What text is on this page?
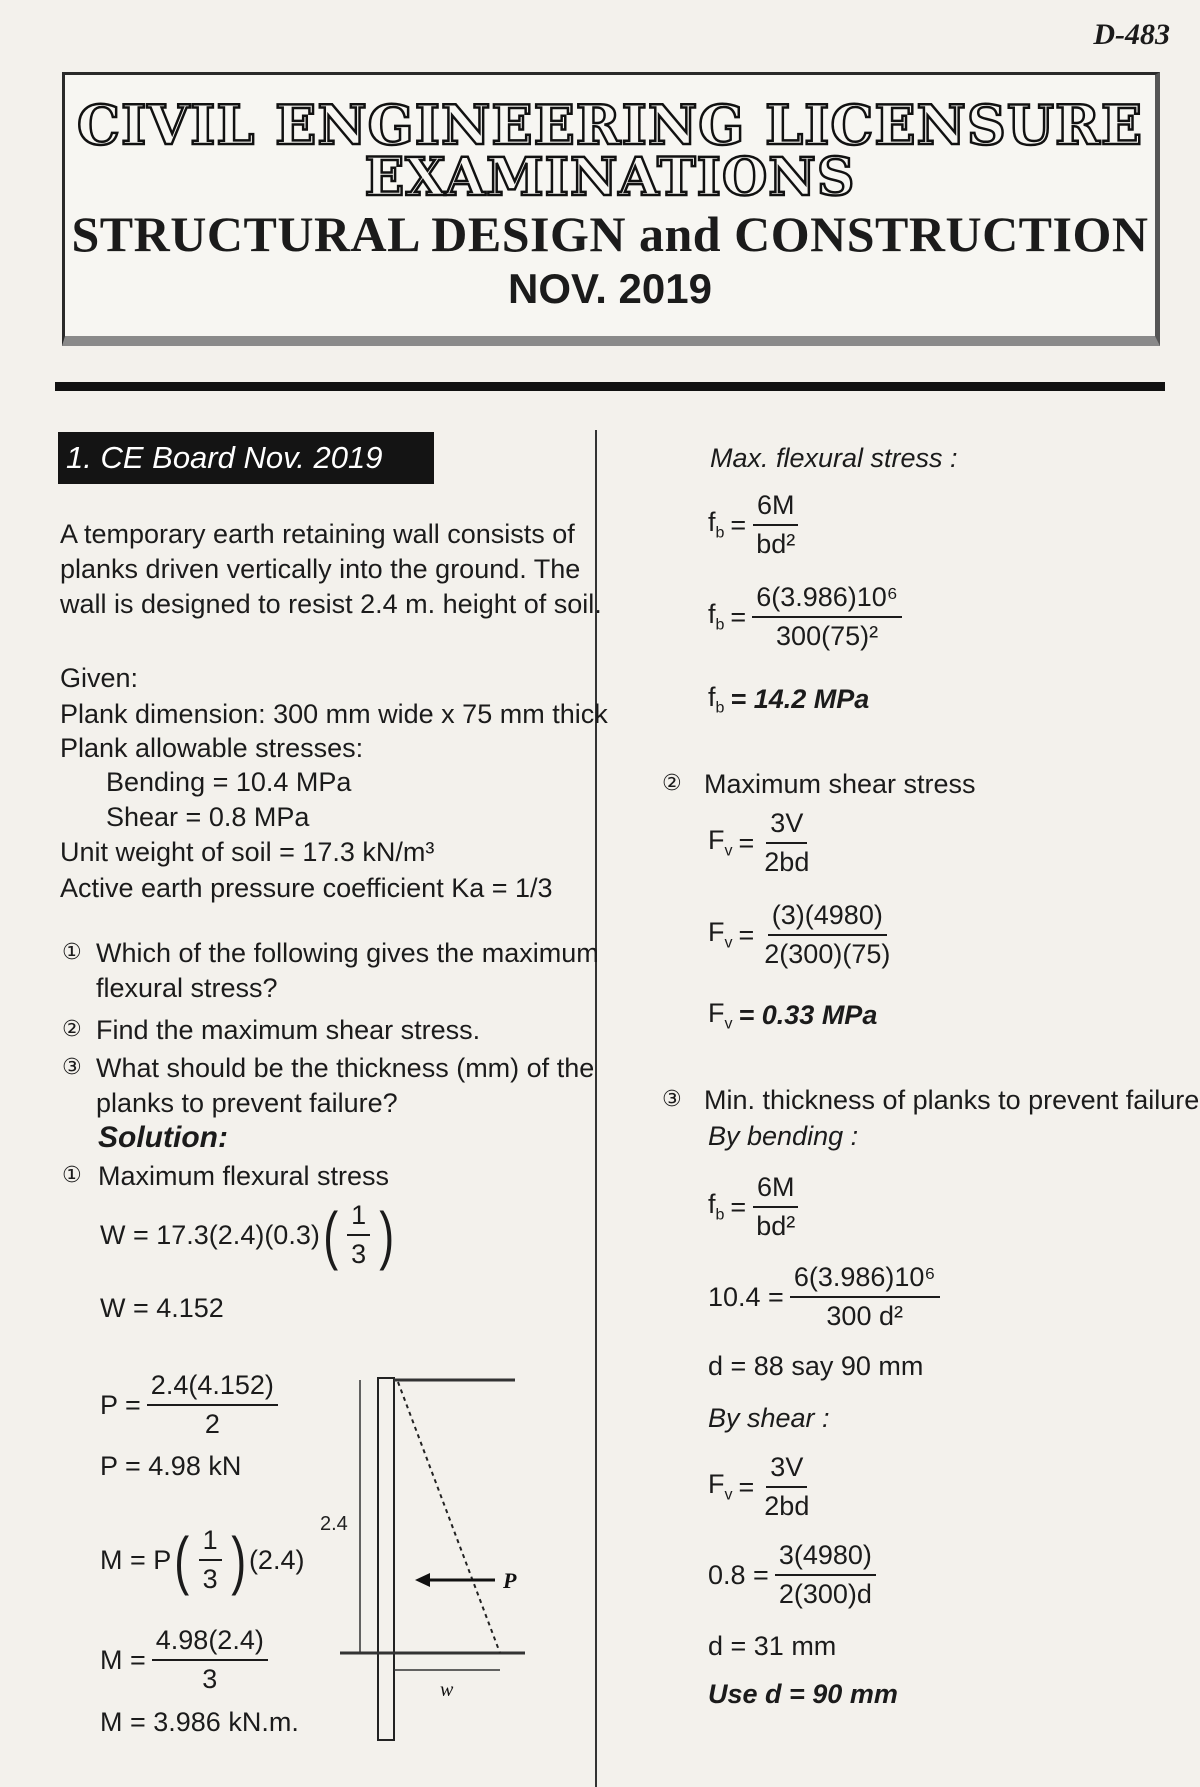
D-483
CIVIL ENGINEERING LICENSURE
EXAMINATIONS
STRUCTURAL DESIGN and CONSTRUCTION
NOV. 2019
1. CE Board Nov. 2019
A temporary earth retaining wall consists of
planks driven vertically into the ground. The
wall is designed to resist 2.4 m. height of soil.
Given:
Plank dimension: 300 mm wide x 75 mm thick
Plank allowable stresses:
Bending = 10.4 MPa
Shear = 0.8 MPa
Unit weight of soil = 17.3 kN/m³
Active earth pressure coefficient Ka = 1/3
① Which of the following gives the maximum
flexural stress?
② Find the maximum shear stress.
③ What should be the thickness (mm) of the
planks to prevent failure?
Solution:
① Maximum flexural stress
W = 17.3(2.4)(0.3) ( $\frac{1}{3}$ )
W = 4.152
$P = \frac{2.4(4.152)}{2}$
P = 4.98 kN
M = P ( $\frac{1}{3}$ ) (2.4)
$M = \frac{4.98(2.4)}{3}$
M = 3.986 kN.m.
2.4
P
w
Max. flexural stress :
$f_b = \frac{6M}{\text{bd²}}$
$f_b = \frac{\text{6(3.986)10⁶}}{\text{300(75)²}}$
$f_b = 14.2$ MPa
② Maximum shear stress
$F_v = \frac{3V}{2bd}$
$F_v = \frac{(3)(4980)}{2(300)(75)}$
$F_v = 0.33$ MPa
③ Min. thickness of planks to prevent failure
By bending :
$f_b = \frac{6M}{\text{bd²}}$
$10.4 = \frac{\text{6(3.986)10⁶}}{\text{300 d²}}$
d = 88 say 90 mm
By shear :
$F_v = \frac{3V}{2bd}$
$0.8 = \frac{3(4980)}{2(300)d}$
d = 31 mm
Use d = 90 mm
